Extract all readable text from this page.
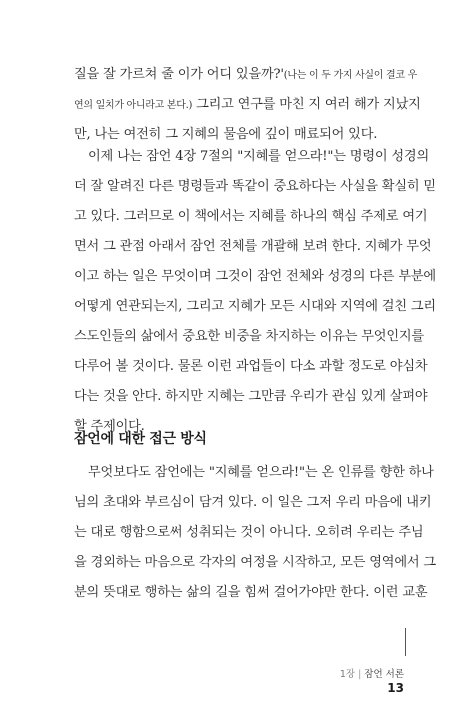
질을 잘 가르쳐 줄 이가 어디 있을까?'(나는 이 두 가지 사실이 결코 우
연의 일치가 아니라고 본다.) 그리고 연구를 마친 지 여러 해가 지났지
만, 나는 여전히 그 지혜의 물음에 깊이 매료되어 있다.
이제 나는 잠언 4장 7절의 "지혜를 얻으라!"는 명령이 성경의
더 잘 알려진 다른 명령들과 똑같이 중요하다는 사실을 확실히 믿
고 있다. 그러므로 이 책에서는 지혜를 하나의 핵심 주제로 여기
면서 그 관점 아래서 잠언 전체를 개괄해 보려 한다. 지혜가 무엇
이고 하는 일은 무엇이며 그것이 잠언 전체와 성경의 다른 부분에
어떻게 연관되는지, 그리고 지혜가 모든 시대와 지역에 걸친 그리
스도인들의 삶에서 중요한 비중을 차지하는 이유는 무엇인지를
다루어 볼 것이다. 물론 이런 과업들이 다소 과할 정도로 야심차
다는 것을 안다. 하지만 지혜는 그만큼 우리가 관심 있게 살펴야
할 주제이다.
잠언에 대한 접근 방식
무엇보다도 잠언에는 "지혜를 얻으라!"는 온 인류를 향한 하나
님의 초대와 부르심이 담겨 있다. 이 일은 그저 우리 마음에 내키
는 대로 행함으로써 성취되는 것이 아니다. 오히려 우리는 주님
을 경외하는 마음으로 각자의 여정을 시작하고, 모든 영역에서 그
분의 뜻대로 행하는 삶의 길을 힘써 걸어가야만 한다. 이런 교훈
1장 | 잠언 서론
13
